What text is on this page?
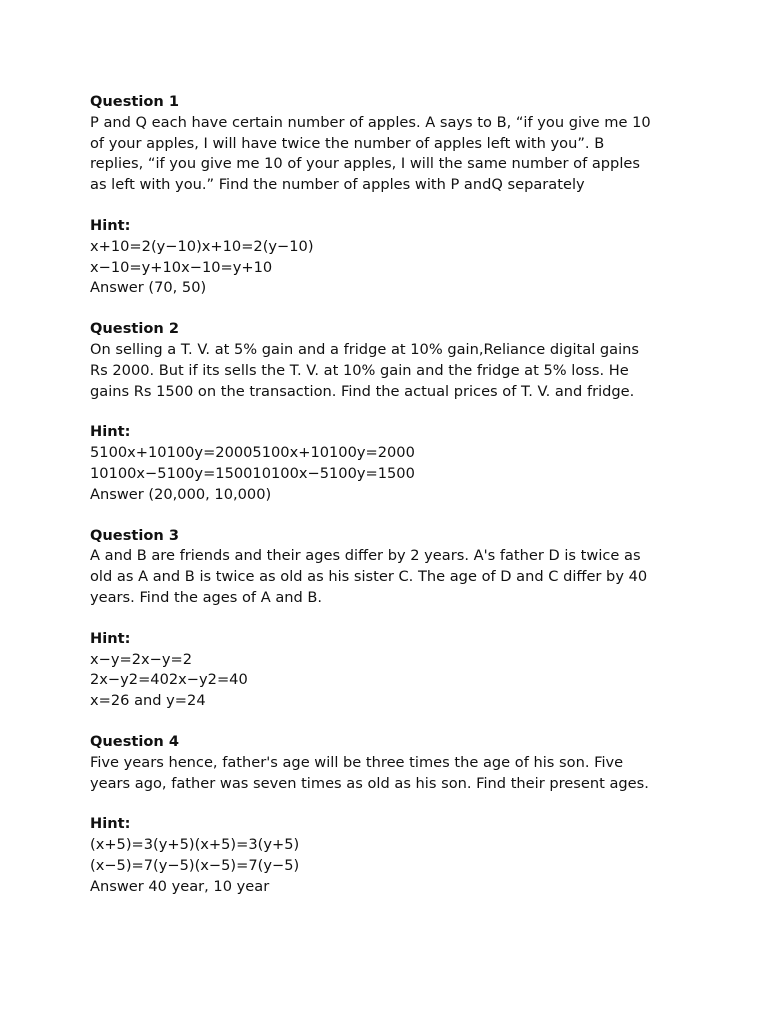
Question 1
P and Q each have certain number of apples. A says to B, “if you give me 10
of your apples, I will have twice the number of apples left with you”. B
replies, “if you give me 10 of your apples, I will the same number of apples
as left with you.” Find the number of apples with P andQ separately
Hint:
x+10=2(y−10)x+10=2(y−10)
x−10=y+10x−10=y+10
Answer (70, 50)
Question 2
On selling a T. V. at 5% gain and a fridge at 10% gain,Reliance digital gains
Rs 2000. But if its sells the T. V. at 10% gain and the fridge at 5% loss. He
gains Rs 1500 on the transaction. Find the actual prices of T. V. and fridge.
Hint:
5100x+10100y=20005100x+10100y=2000
10100x−5100y=150010100x−5100y=1500
Answer (20,000, 10,000)
Question 3
A and B are friends and their ages differ by 2 years. A's father D is twice as
old as A and B is twice as old as his sister C. The age of D and C differ by 40
years. Find the ages of A and B.
Hint:
x−y=2x−y=2
2x−y2=402x−y2=40
x=26 and y=24
Question 4
Five years hence, father's age will be three times the age of his son. Five
years ago, father was seven times as old as his son. Find their present ages.
Hint:
(x+5)=3(y+5)(x+5)=3(y+5)
(x−5)=7(y−5)(x−5)=7(y−5)
Answer 40 year, 10 year
